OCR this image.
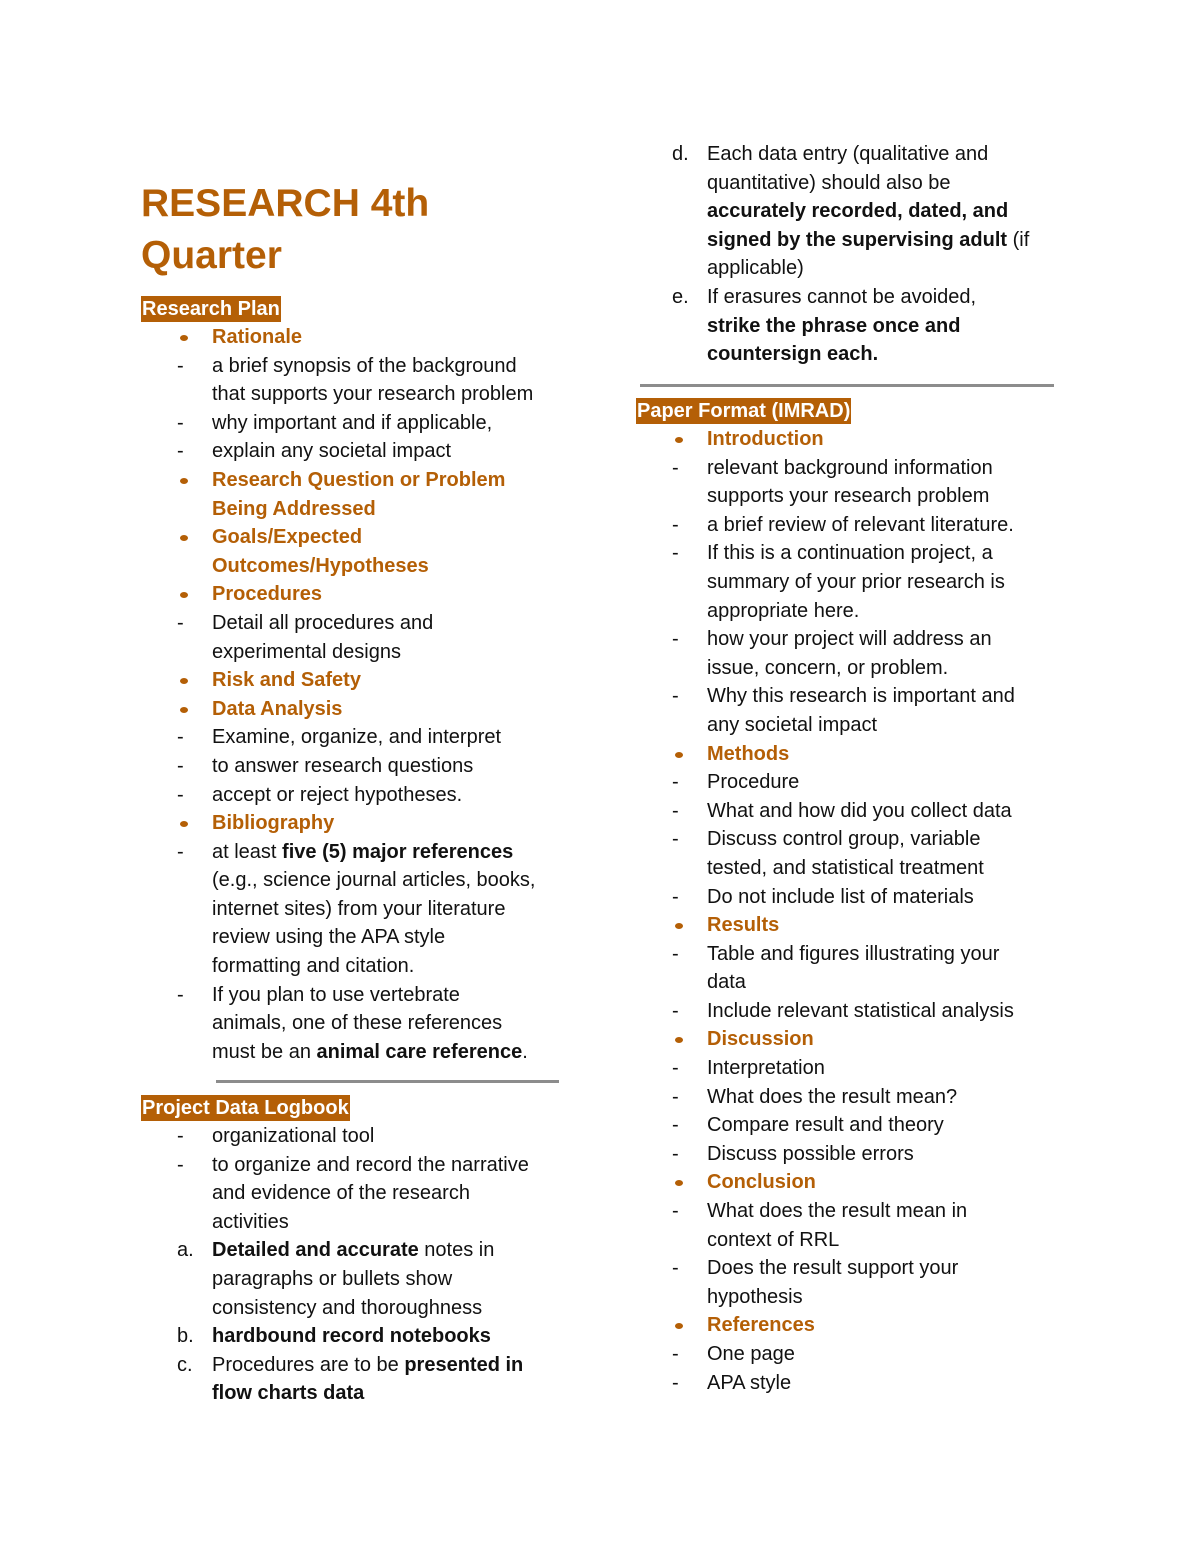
RESEARCH 4th
Quarter
Research Plan
Rationale
-	a brief synopsis of the background
that supports your research problem
-	why important and if applicable,
-	explain any societal impact
Research Question or Problem
Being Addressed
Goals/Expected
Outcomes/Hypotheses
Procedures
-	Detail all procedures and
experimental designs
Risk and Safety
Data Analysis
-	Examine, organize, and interpret
-	to answer research questions
-	accept or reject hypotheses.
Bibliography
-	at least five (5) major references
(e.g., science journal articles, books,
internet sites) from your literature
review using the APA style
formatting and citation.
-	If you plan to use vertebrate
animals, one of these references
must be an animal care reference.
Project Data Logbook
-	organizational tool
-	to organize and record the narrative
and evidence of the research
activities
a. Detailed and accurate notes in
paragraphs or bullets show
consistency and thoroughness
b. hardbound record notebooks
c. Procedures are to be presented in
flow charts data
d. Each data entry (qualitative and
quantitative) should also be
accurately recorded, dated, and
signed by the supervising adult (if
applicable)
e. If erasures cannot be avoided,
strike the phrase once and
countersign each.
Paper Format (IMRAD)
Introduction
-	relevant background information
supports your research problem
-	a brief review of relevant literature.
-	If this is a continuation project, a
summary of your prior research is
appropriate here.
-	how your project will address an
issue, concern, or problem.
-	Why this research is important and
any societal impact
Methods
-	Procedure
-	What and how did you collect data
-	Discuss control group, variable
tested, and statistical treatment
-	Do not include list of materials
Results
-	Table and figures illustrating your
data
-	Include relevant statistical analysis
Discussion
-	Interpretation
-	What does the result mean?
-	Compare result and theory
-	Discuss possible errors
Conclusion
-	What does the result mean in
context of RRL
-	Does the result support your
hypothesis
References
-	One page
-	APA style
